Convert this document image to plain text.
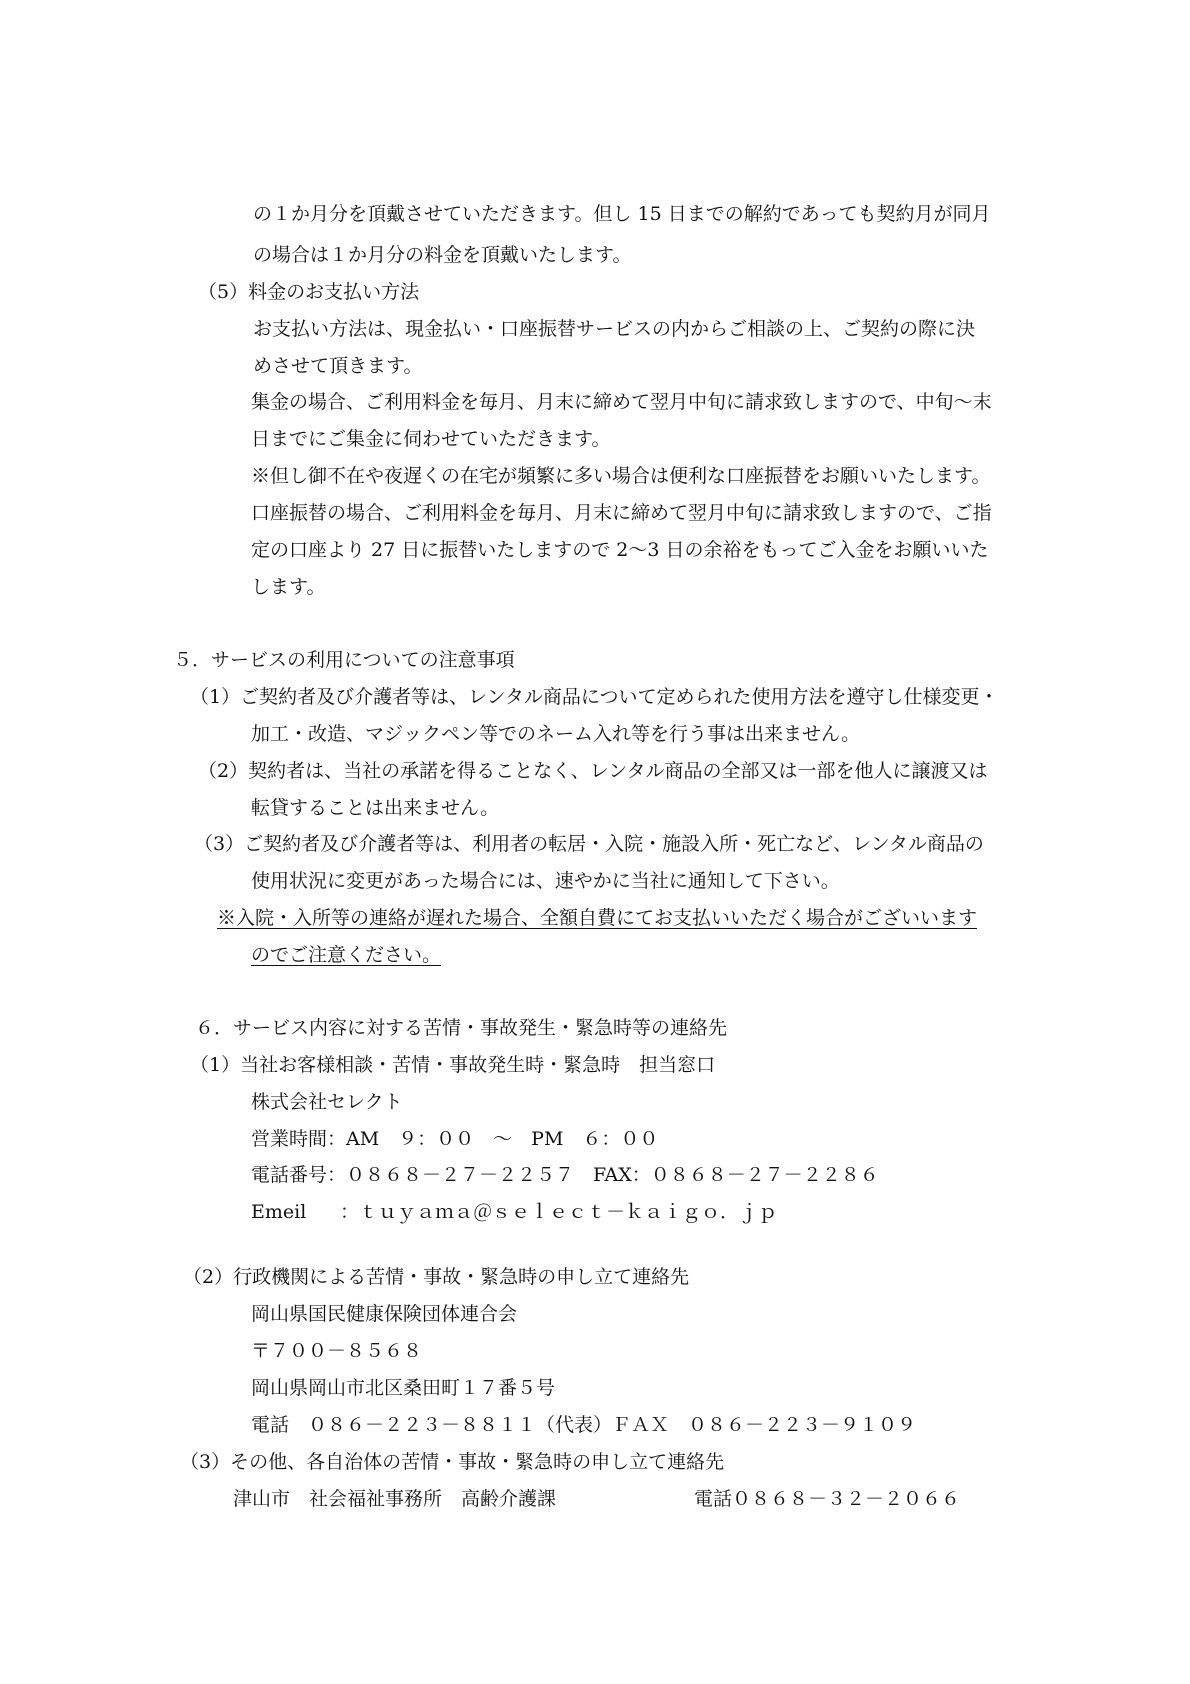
の１か月分を頂戴させていただきます。但し 15 日までの解約であっても契約月が同月
の場合は１か月分の料金を頂戴いたします。
（5）料金のお支払い方法
お支払い方法は、現金払い・口座振替サービスの内からご相談の上、ご契約の際に決
めさせて頂きます。
集金の場合、ご利用料金を毎月、月末に締めて翌月中旬に請求致しますので、中旬～末
日までにご集金に伺わせていただきます。
※但し御不在や夜遅くの在宅が頻繁に多い場合は便利な口座振替をお願いいたします。
口座振替の場合、ご利用料金を毎月、月末に締めて翌月中旬に請求致しますので、ご指
定の口座より 27 日に振替いたしますので 2～3 日の余裕をもってご入金をお願いいた
します。
５．サービスの利用についての注意事項
（1）ご契約者及び介護者等は、レンタル商品について定められた使用方法を遵守し仕様変更・
加工・改造、マジックペン等でのネーム入れ等を行う事は出来ません。
（2）契約者は、当社の承諾を得ることなく、レンタル商品の全部又は一部を他人に譲渡又は
転貸することは出来ません。
（3）ご契約者及び介護者等は、利用者の転居・入院・施設入所・死亡など、レンタル商品の
使用状況に変更があった場合には、速やかに当社に通知して下さい。
※入院・入所等の連絡が遅れた場合、全額自費にてお支払いいただく場合がございいます
のでご注意ください。
６．サービス内容に対する苦情・事故発生・緊急時等の連絡先
（1）当社お客様相談・苦情・事故発生時・緊急時　担当窓口
株式会社セレクト
営業時間：AM　９：００　～　PM　６：００
電話番号：０８６８－２７－２２５７　FAX：０８６８－２７－２２８６
Emeil ：ｔｕｙａｍａ＠ｓｅｌｅｃｔ－ｋａｉｇｏ．ｊｐ
（2）行政機関による苦情・事故・緊急時の申し立て連絡先
岡山県国民健康保険団体連合会
〒７００－８５６８
岡山県岡山市北区桑田町１７番５号
電話　０８６－２２３－８８１１（代表）ＦＡＸ　０８６－２２３－９１０９
（3）その他、各自治体の苦情・事故・緊急時の申し立て連絡先
津山市　社会福祉事務所　高齢介護課	電話０８６８－３２－２０６６
